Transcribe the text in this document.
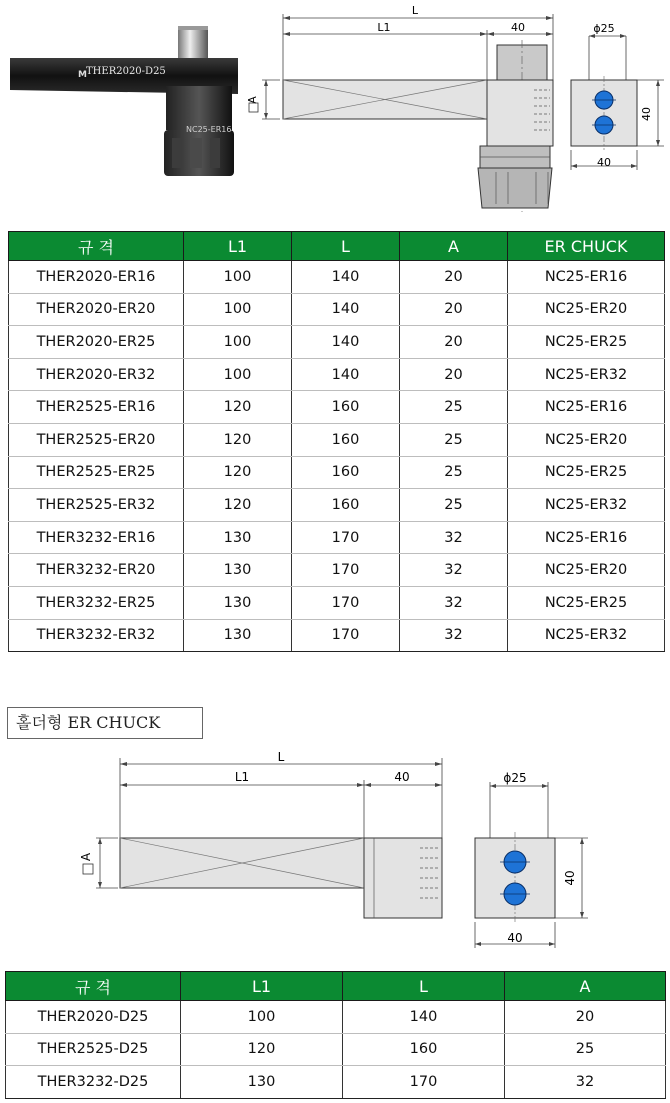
M THER2020-D25
NC25-ER16
L
L1	40	ϕ25
40
40
A
규 격	L1	L	A	ER CHUCK
THER2020-ER16	100	140	20	NC25-ER16
THER2020-ER20	100	140	20	NC25-ER20
THER2020-ER25	100	140	20	NC25-ER25
THER2020-ER32	100	140	20	NC25-ER32
THER2525-ER16	120	160	25	NC25-ER16
THER2525-ER20	120	160	25	NC25-ER20
THER2525-ER25	120	160	25	NC25-ER25
THER2525-ER32	120	160	25	NC25-ER32
THER3232-ER16	130	170	32	NC25-ER16
THER3232-ER20	130	170	32	NC25-ER20
THER3232-ER25	130	170	32	NC25-ER25
THER3232-ER32	130	170	32	NC25-ER32
홀더형 ER CHUCK
L
L1	40	ϕ25
40
40
A
규 격	L1	L	A
THER2020-D25	100	140	20
THER2525-D25	120	160	25
THER3232-D25	130	170	32
